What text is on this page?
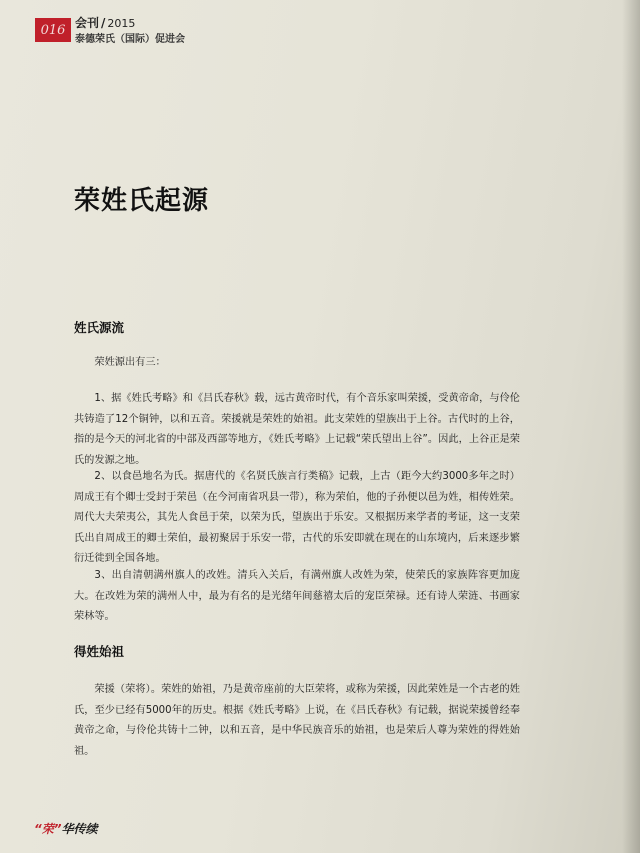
016 会刊 / 2015
泰德荣氏（国际）促进会
荣姓氏起源
姓氏源流
荣姓源出有三：
1、据《姓氏考略》和《吕氏春秋》载，远古黄帝时代，有个音乐家叫荣援，受黄帝命，与伶伦共铸造了12个铜钟，以和五音。荣援就是荣姓的始祖。此支荣姓的望族出于上谷。古代时的上谷，指的是今天的河北省的中部及西部等地方，《姓氏考略》上记载“荣氏望出上谷”。因此，上谷正是荣氏的发源之地。
2、以食邑地名为氏。据唐代的《名贤氏族言行类稿》记载，上古（距今大约3000多年之时）周成王有个卿士受封于荣邑（在今河南省巩县一带），称为荣伯，他的子孙便以邑为姓，相传姓荣。周代大夫荣夷公，其先人食邑于荣，以荣为氏，望族出于乐安。又根据历来学者的考证，这一支荣氏出自周成王的卿士荣伯，最初聚居于乐安一带，古代的乐安即就在现在的山东境内，后来逐步繁衍迁徙到全国各地。
3、出自清朝满州旗人的改姓。清兵入关后，有满州旗人改姓为荣，使荣氏的家族阵容更加庞大。在改姓为荣的满州人中，最为有名的是光绪年间慈禧太后的宠臣荣禄。还有诗人荣涟、书画家荣林等。
得姓始祖
荣援（荣将）。荣姓的始祖，乃是黄帝座前的大臣荣将，或称为荣援，因此荣姓是一个古老的姓氏，至少已经有5000年的历史。根据《姓氏考略》上说，在《吕氏春秋》有记载，据说荣援曾经奉黄帝之命，与伶伦共铸十二钟，以和五音，是中华民族音乐的始祖，也是荣后人尊为荣姓的得姓始祖。
“荣”华传续
